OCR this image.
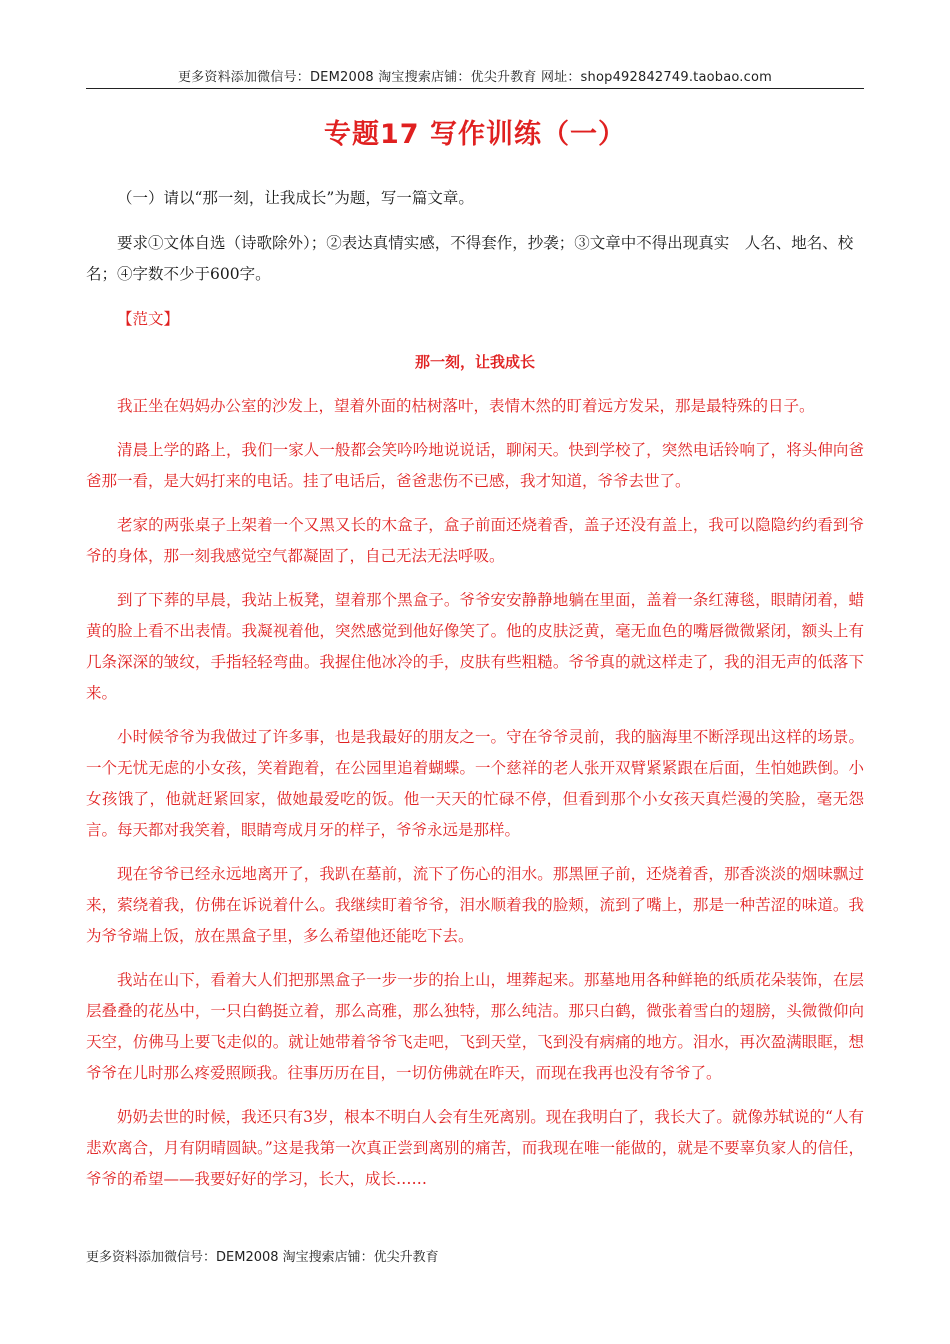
更多资料添加微信号：DEM2008 淘宝搜索店铺：优尖升教育 网址：shop492842749.taobao.com
专题17 写作训练（一）

（一）请以“那一刻，让我成长”为题，写一篇文章。

要求①文体自选（诗歌除外）；②表达真情实感，不得套作，抄袭；③文章中不得出现真实　人名、地名、校名；④字数不少于600字。

【范文】

那一刻，让我成长

我正坐在妈妈办公室的沙发上，望着外面的枯树落叶，表情木然的盯着远方发呆，那是最特殊的日子。

清晨上学的路上，我们一家人一般都会笑吟吟地说说话，聊闲天。快到学校了，突然电话铃响了，将头伸向爸爸那一看，是大妈打来的电话。挂了电话后，爸爸悲伤不已感，我才知道，爷爷去世了。

老家的两张桌子上架着一个又黑又长的木盒子，盒子前面还烧着香，盖子还没有盖上，我可以隐隐约约看到爷爷的身体，那一刻我感觉空气都凝固了，自己无法无法呼吸。

到了下葬的早晨，我站上板凳，望着那个黑盒子。爷爷安安静静地躺在里面，盖着一条红薄毯，眼睛闭着，蜡黄的脸上看不出表情。我凝视着他，突然感觉到他好像笑了。他的皮肤泛黄，毫无血色的嘴唇微微紧闭，额头上有几条深深的皱纹，手指轻轻弯曲。我握住他冰冷的手，皮肤有些粗糙。爷爷真的就这样走了，我的泪无声的低落下来。

小时候爷爷为我做过了许多事，也是我最好的朋友之一。守在爷爷灵前，我的脑海里不断浮现出这样的场景。一个无忧无虑的小女孩，笑着跑着，在公园里追着蝴蝶。一个慈祥的老人张开双臂紧紧跟在后面，生怕她跌倒。小女孩饿了，他就赶紧回家，做她最爱吃的饭。他一天天的忙碌不停，但看到那个小女孩天真烂漫的笑脸，毫无怨言。每天都对我笑着，眼睛弯成月牙的样子，爷爷永远是那样。

现在爷爷已经永远地离开了，我趴在墓前，流下了伤心的泪水。那黑匣子前，还烧着香，那香淡淡的烟味飘过来，萦绕着我，仿佛在诉说着什么。我继续盯着爷爷，泪水顺着我的脸颊，流到了嘴上，那是一种苦涩的味道。我为爷爷端上饭，放在黑盒子里，多么希望他还能吃下去。

我站在山下，看着大人们把那黑盒子一步一步的抬上山，埋葬起来。那墓地用各种鲜艳的纸质花朵装饰，在层层叠叠的花丛中，一只白鹤挺立着，那么高雅，那么独特，那么纯洁。那只白鹤，微张着雪白的翅膀，头微微仰向天空，仿佛马上要飞走似的。就让她带着爷爷飞走吧，飞到天堂，飞到没有病痛的地方。泪水，再次盈满眼眶，想爷爷在儿时那么疼爱照顾我。往事历历在目，一切仿佛就在昨天，而现在我再也没有爷爷了。

奶奶去世的时候，我还只有3岁，根本不明白人会有生死离别。现在我明白了，我长大了。就像苏轼说的“人有悲欢离合，月有阴晴圆缺。”这是我第一次真正尝到离别的痛苦，而我现在唯一能做的，就是不要辜负家人的信任，爷爷的希望——我要好好的学习，长大，成长……

更多资料添加微信号：DEM2008 淘宝搜索店铺：优尖升教育
